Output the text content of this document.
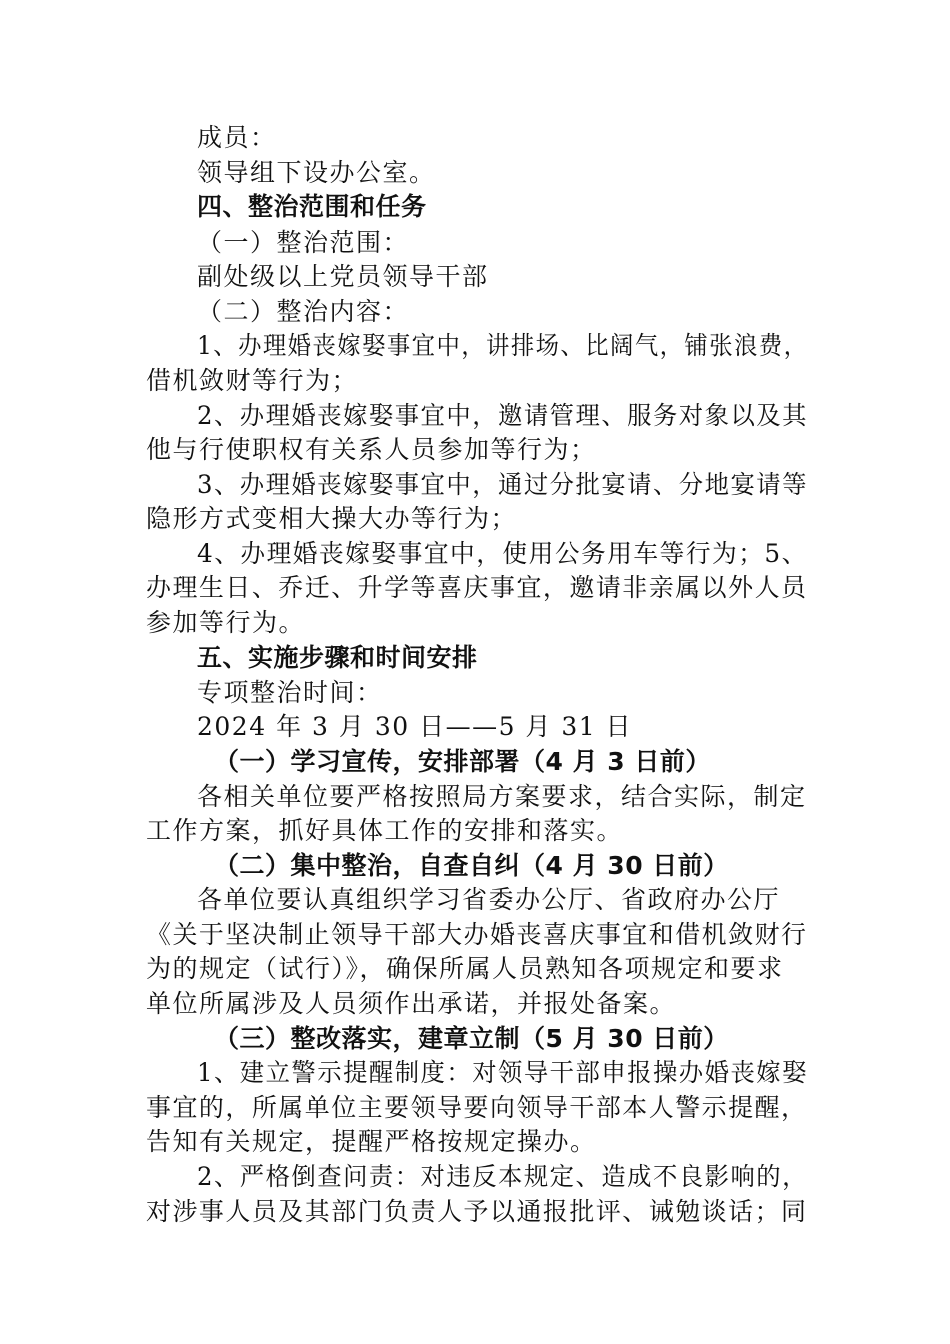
成员：
领导组下设办公室。
四、整治范围和任务
（一）整治范围：
副处级以上党员领导干部
（二）整治内容：
1、办理婚丧嫁娶事宜中，讲排场、比阔气，铺张浪费，
借机敛财等行为；
2、办理婚丧嫁娶事宜中，邀请管理、服务对象以及其
他与行使职权有关系人员参加等行为；
3、办理婚丧嫁娶事宜中，通过分批宴请、分地宴请等
隐形方式变相大操大办等行为；
4、办理婚丧嫁娶事宜中，使用公务用车等行为；5、
办理生日、乔迁、升学等喜庆事宜，邀请非亲属以外人员
参加等行为。
五、实施步骤和时间安排
专项整治时间：
2024 年 3 月 30 日——5 月 31 日
（一）学习宣传，安排部署（4 月 3 日前）
各相关单位要严格按照局方案要求，结合实际，制定
工作方案，抓好具体工作的安排和落实。
（二）集中整治，自查自纠（4 月 30 日前）
各单位要认真组织学习省委办公厅、省政府办公厅
《关于坚决制止领导干部大办婚丧喜庆事宜和借机敛财行
为的规定（试行）》，确保所属人员熟知各项规定和要求
单位所属涉及人员须作出承诺，并报处备案。
（三）整改落实，建章立制（5 月 30 日前）
1、建立警示提醒制度：对领导干部申报操办婚丧嫁娶
事宜的，所属单位主要领导要向领导干部本人警示提醒，
告知有关规定，提醒严格按规定操办。
2、严格倒查问责：对违反本规定、造成不良影响的，
对涉事人员及其部门负责人予以通报批评、诫勉谈话；同
